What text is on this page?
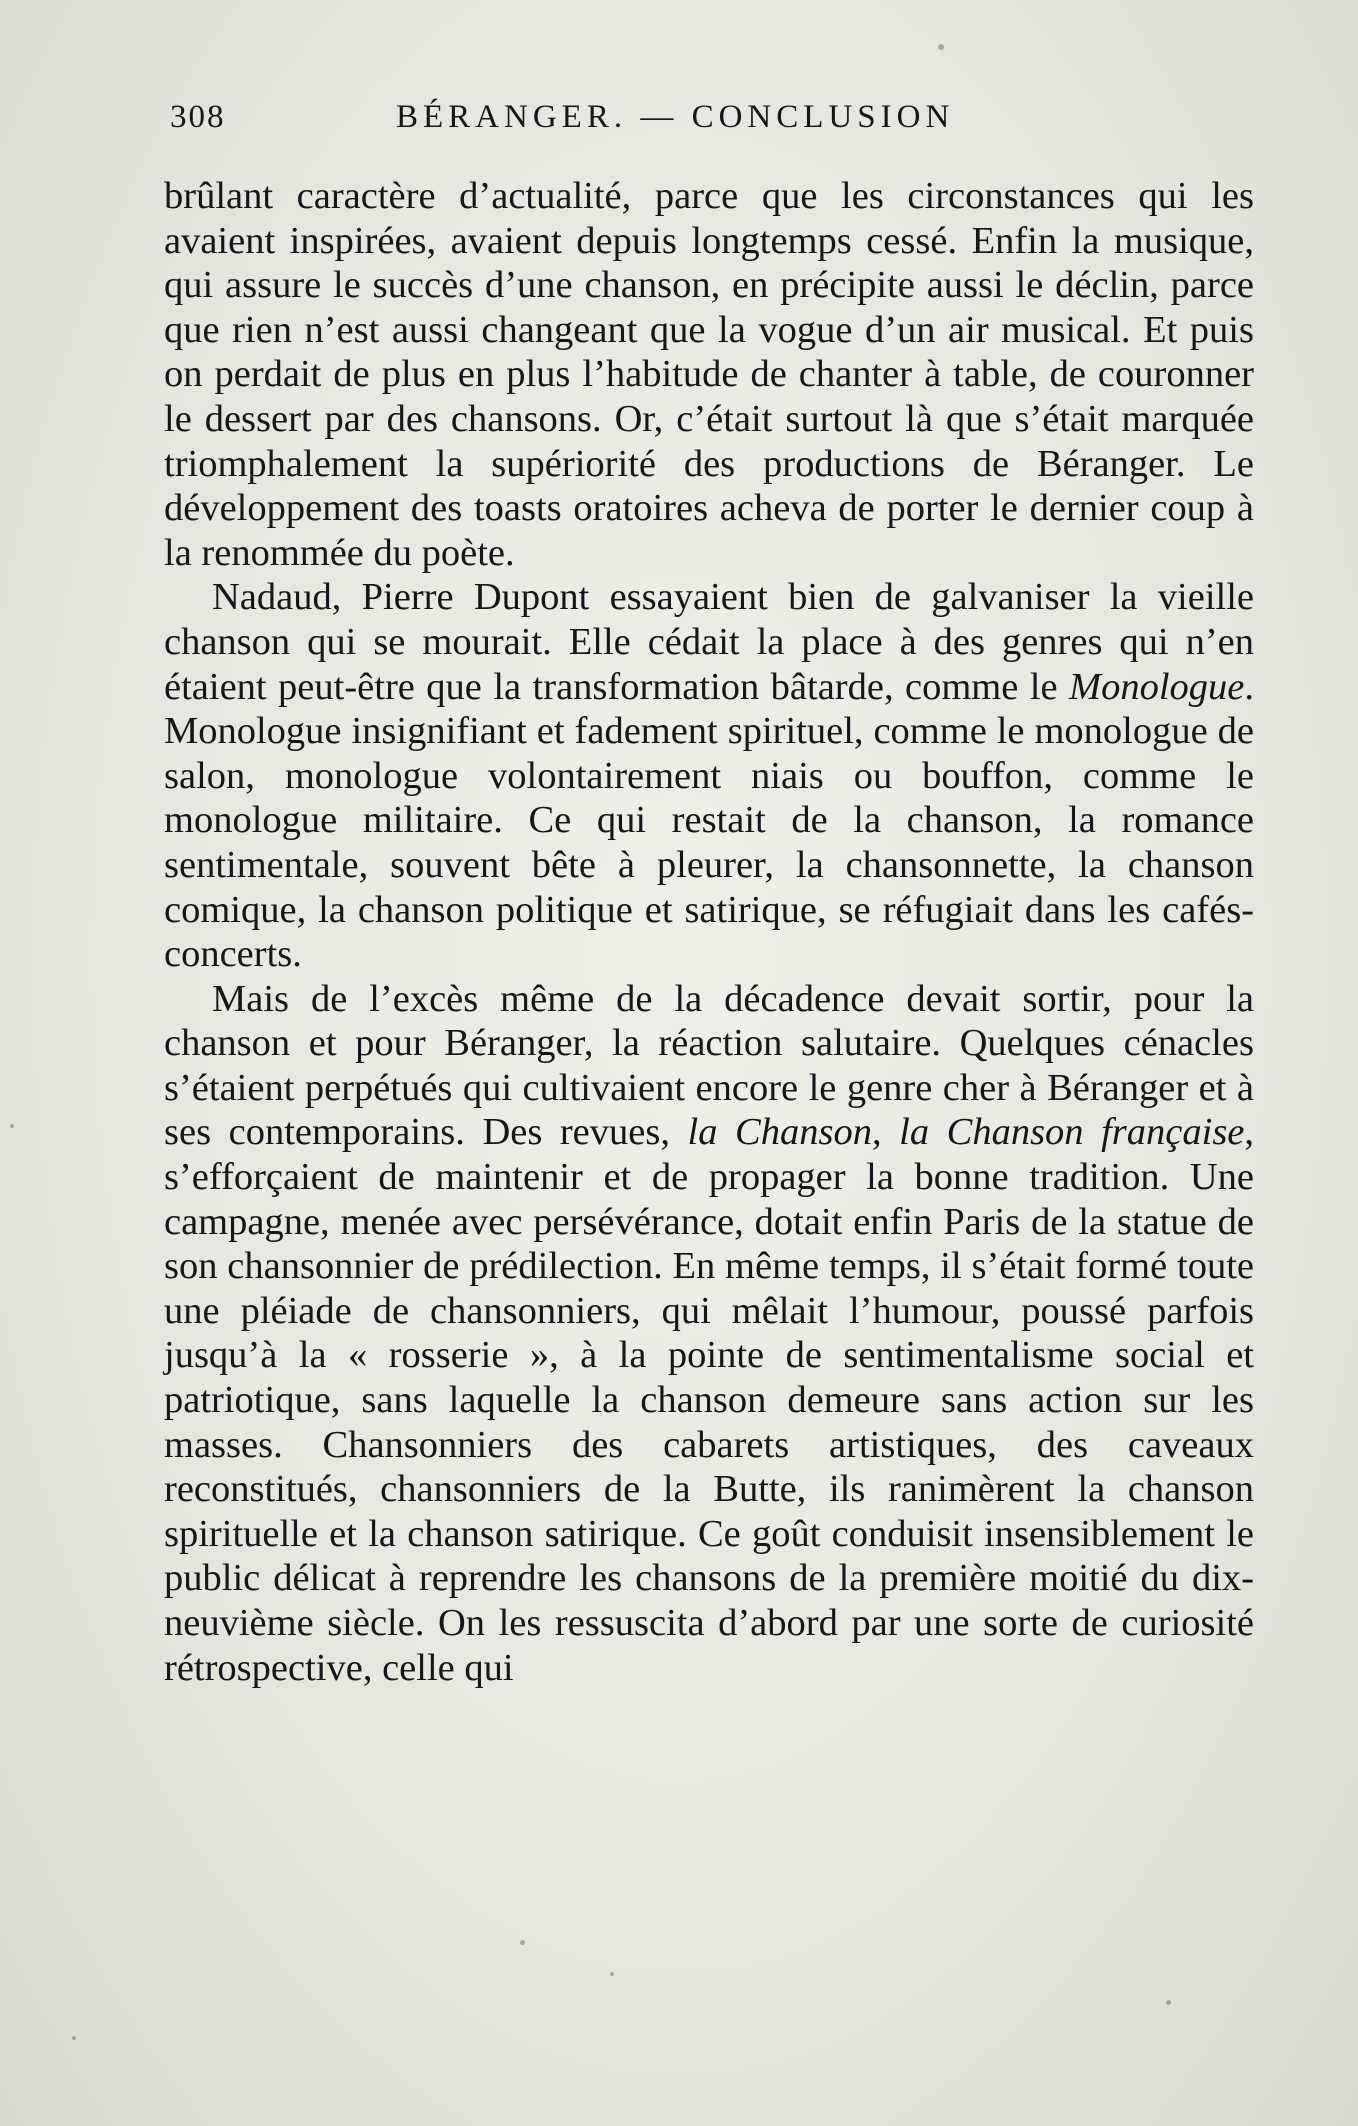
308	BÉRANGER. — CONCLUSION

brûlant caractère d’actualité, parce que les circonstances qui les avaient inspirées, avaient depuis longtemps cessé. Enfin la musique, qui assure le succès d’une chanson, en précipite aussi le déclin, parce que rien n’est aussi changeant que la vogue d’un air musical. Et puis on perdait de plus en plus l’habitude de chanter à table, de couronner le dessert par des chansons. Or, c’était surtout là que s’était marquée triomphalement la supériorité des productions de Béranger. Le développement des toasts oratoires acheva de porter le dernier coup à la renommée du poète.

Nadaud, Pierre Dupont essayaient bien de galvaniser la vieille chanson qui se mourait. Elle cédait la place à des genres qui n’en étaient peut-être que la transformation bâtarde, comme le Monologue. Monologue insignifiant et fadement spirituel, comme le monologue de salon, monologue volontairement niais ou bouffon, comme le monologue militaire. Ce qui restait de la chanson, la romance sentimentale, souvent bête à pleurer, la chansonnette, la chanson comique, la chanson politique et satirique, se réfugiait dans les cafés-concerts.

Mais de l’excès même de la décadence devait sortir, pour la chanson et pour Béranger, la réaction salutaire. Quelques cénacles s’étaient perpétués qui cultivaient encore le genre cher à Béranger et à ses contemporains. Des revues, la Chanson, la Chanson française, s’efforçaient de maintenir et de propager la bonne tradition. Une campagne, menée avec persévérance, dotait enfin Paris de la statue de son chansonnier de prédilection. En même temps, il s’était formé toute une pléiade de chansonniers, qui mêlait l’humour, poussé parfois jusqu’à la « rosserie », à la pointe de sentimentalisme social et patriotique, sans laquelle la chanson demeure sans action sur les masses. Chansonniers des cabarets artistiques, des caveaux reconstitués, chansonniers de la Butte, ils ranimèrent la chanson spirituelle et la chanson satirique. Ce goût conduisit insensiblement le public délicat à reprendre les chansons de la première moitié du dix-neuvième siècle. On les ressuscita d’abord par une sorte de curiosité rétrospective, celle qui
